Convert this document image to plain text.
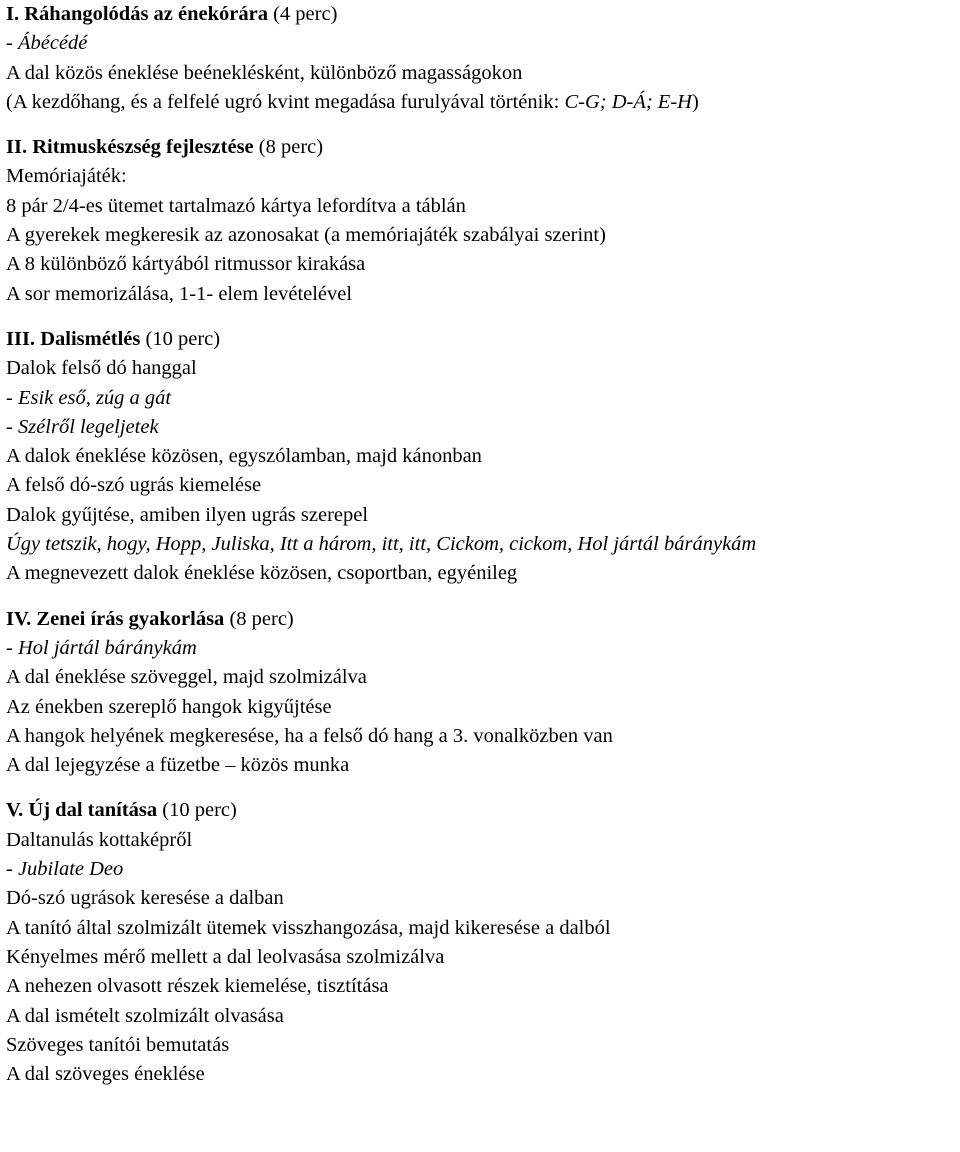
I. Ráhangolódás az énekórára (4 perc)
- Ábécédé
A dal közös éneklése beéneklésként, különböző magasságokon
(A kezdőhang, és a felfelé ugró kvint megadása furulyával történik: C-G; D-Á; E-H)
II. Ritmuskészség fejlesztése (8 perc)
Memóriajáték:
8 pár 2/4-es ütemet tartalmazó kártya lefordítva a táblán
A gyerekek megkeresik az azonosakat (a memóriajáték szabályai szerint)
A 8 különböző kártyából ritmussor kirakása
A sor memorizálása, 1-1- elem levételével
III. Dalismétlés (10 perc)
Dalok felső dó hanggal
- Esik eső, zúg a gát
- Szélről legeljetek
A dalok éneklése közösen, egyszólamban, majd kánonban
A felső dó-szó ugrás kiemelése
Dalok gyűjtése, amiben ilyen ugrás szerepel
Úgy tetszik, hogy, Hopp, Juliska, Itt a három, itt, itt, Cickom, cickom, Hol jártál báránykám
A megnevezett dalok éneklése közösen, csoportban, egyénileg
IV. Zenei írás gyakorlása (8 perc)
- Hol jártál báránykám
A dal éneklése szöveggel, majd szolmizálva
Az énekben szereplő hangok kigyűjtése
A hangok helyének megkeresése, ha a felső dó hang a 3. vonalközben van
A dal lejegyzése a füzetbe – közös munka
V. Új dal tanítása (10 perc)
Daltanulás kottaképről
- Jubilate Deo
Dó-szó ugrások keresése a dalban
A tanító által szolmizált ütemek visszhangozása, majd kikeresése a dalból
Kényelmes mérő mellett a dal leolvasása szolmizálva
A nehezen olvasott részek kiemelése, tisztítása
A dal ismételt szolmizált olvasása
Szöveges tanítói bemutatás
A dal szöveges éneklése
